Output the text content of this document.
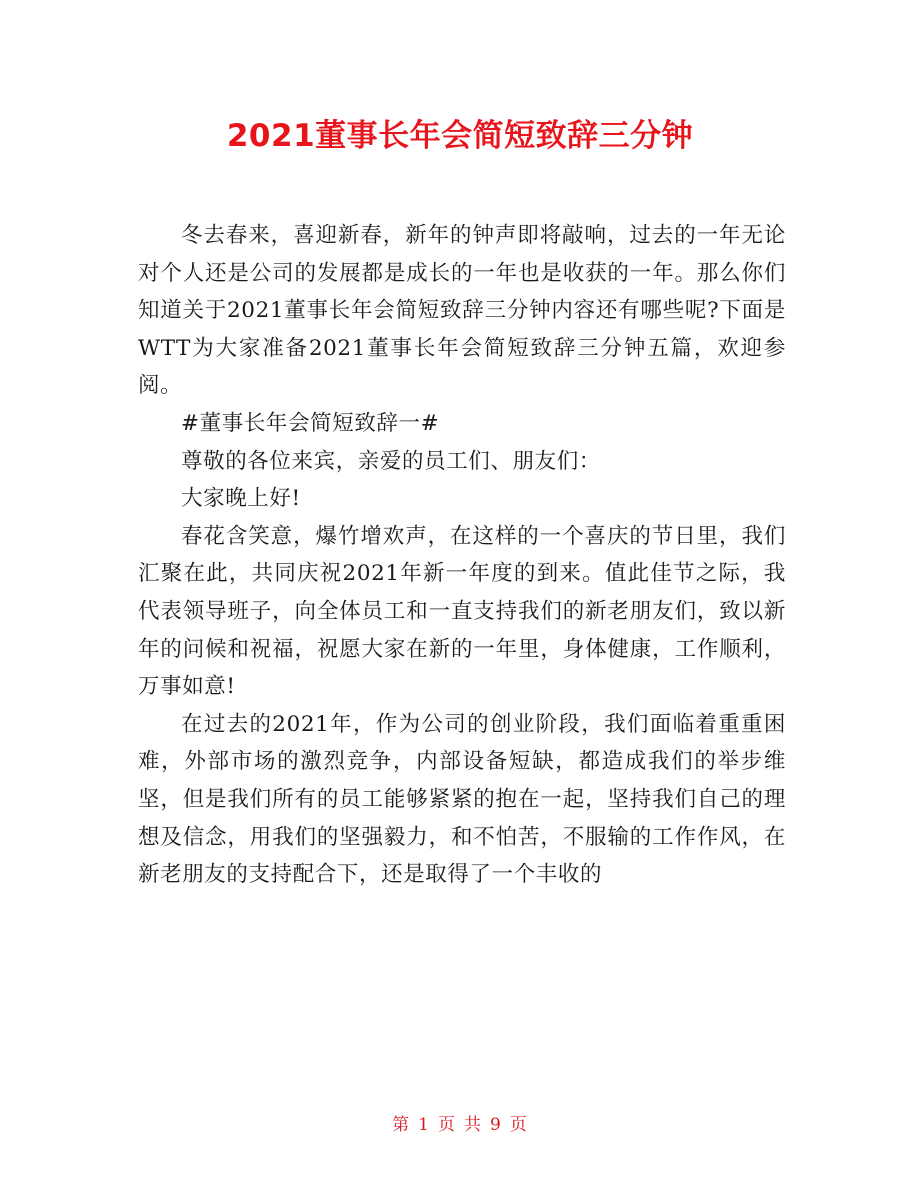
2021董事长年会简短致辞三分钟

冬去春来，喜迎新春，新年的钟声即将敲响，过去的一年无论对个人还是公司的发展都是成长的一年也是收获的一年。那么你们知道关于2021董事长年会简短致辞三分钟内容还有哪些呢?下面是WTT为大家准备2021董事长年会简短致辞三分钟五篇，欢迎参阅。

#董事长年会简短致辞一#

尊敬的各位来宾，亲爱的员工们、朋友们：

大家晚上好!

春花含笑意，爆竹增欢声，在这样的一个喜庆的节日里，我们汇聚在此，共同庆祝2021年新一年度的到来。值此佳节之际，我代表领导班子，向全体员工和一直支持我们的新老朋友们，致以新年的问候和祝福，祝愿大家在新的一年里，身体健康，工作顺利，万事如意!

在过去的2021年，作为公司的创业阶段，我们面临着重重困难，外部市场的激烈竞争，内部设备短缺，都造成我们的举步维坚，但是我们所有的员工能够紧紧的抱在一起，坚持我们自己的理想及信念，用我们的坚强毅力，和不怕苦，不服输的工作作风，在新老朋友的支持配合下，还是取得了一个丰收的

第 1 页 共 9 页
